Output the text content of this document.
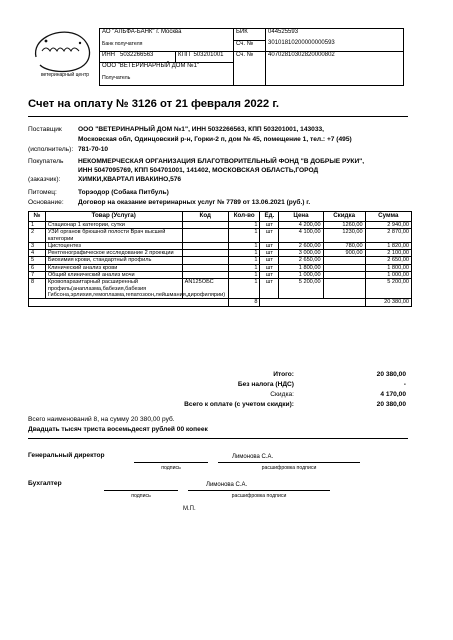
ветеринарный центр
АО "АЛЬФА-БАНК" г. Москва
Банк получателя		БИК	044525593
		Сч. №	30101810200000000593
ИНН 5032266563	КПП 503201001	Сч. №	40702810302820000802

ООО "ВЕТЕРИНАРНЫЙ ДОМ №1"
Получатель			
Счет на оплату № 3126 от 21 февраля 2022 г.
Поставщик
(исполнитель):
ООО "ВЕТЕРИНАРНЫЙ ДОМ №1", ИНН 5032266563, КПП 503201001, 143033,
Московская обл, Одинцовский р-н, Горки-2 п, дом № 45, помещение 1, тел.: +7 (495)
781-70-10
Покупатель
(заказчик):
НЕКОММЕРЧЕСКАЯ ОРГАНИЗАЦИЯ БЛАГОТВОРИТЕЛЬНЫЙ ФОНД "В ДОБРЫЕ РУКИ",
ИНН 5047095769, КПП 504701001, 141402, МОСКОВСКАЯ ОБЛАСТЬ,ГОРОД
ХИМКИ,КВАРТАЛ ИВАКИНО,576
Питомец:	Торэодор (Собака Питбуль)
Основание: Договор на оказание ветеринарных услуг № 7789 от 13.06.2021 (руб.) г.
№	Товар (Услуга)	Код	Кол-во	Ед.	Цена	Скидка	Сумма
1	Стационар 1 категории, сутки		1	шт	4 200,00	1260,00	2 940,00
2	УЗИ органов брюшной полости Врач высшей категории		1	шт	4 100,00	1230,00	2 870,00
3	Цистоцентез		1	шт	2 600,00	780,00	1 820,00
4	Рентгенографическое исследование 2 проекции		1	шт	3 000,00	900,00	2 100,00
5	Биохимия крови, стандартный профиль		1	шт	2 650,00		2 650,00
6	Клинический анализ крови		1	шт	1 800,00		1 800,00
7	Общий клинический анализ мочи		1	шт	1 000,00		1 000,00
8	Кровопаразитарный расширенный профиль(анаплазма,бабезия,бабезия Гибсона,эрлихия,гемоплазма,гепатозоон,лейшмания,дирофилярии)	AN125ОБС	1	шт	5 200,00		5 200,00
			8				20 380,00
Итого:	20 380,00
Без налога (НДС)	-
Скидка:	4 170,00
Всего к оплате (с учетом скидки):	20 380,00
Всего наименований 8, на сумму 20 380,00 руб.
Двадцать тысяч триста восемьдесят рублей 00 копеек
Генеральный директор
подпись
Лимонова С.А.
расшифровка подписи
Бухгалтер
подпись
Лимонова С.А.
расшифровка подписи
М.П.
